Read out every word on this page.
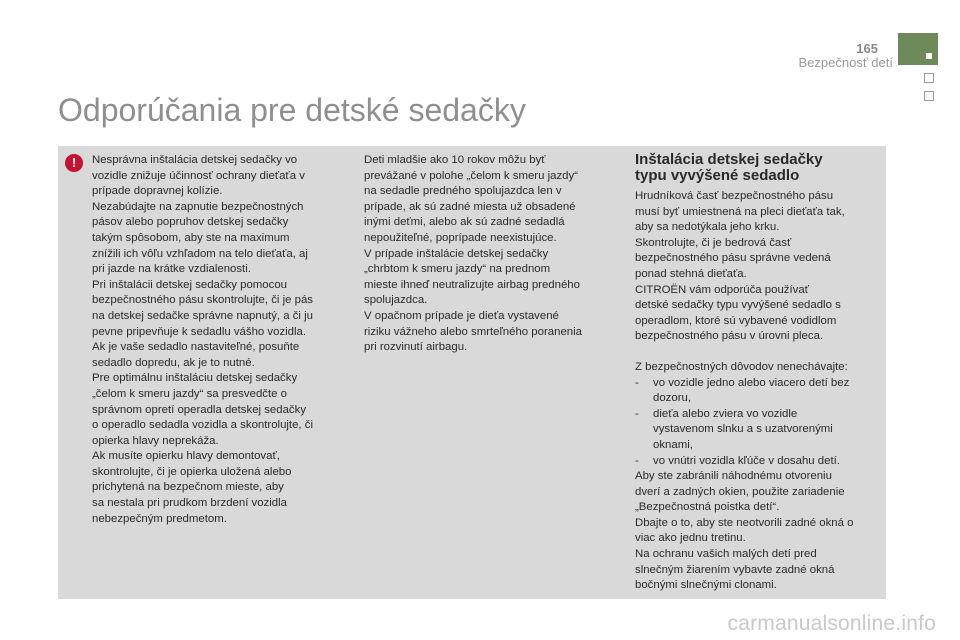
165
Bezpečnosť detí
Odporúčania pre detské sedačky
!	Nesprávna inštalácia detskej sedačky vo

vozidle znižuje účinnosť ochrany dieťaťa v

prípade dopravnej kolízie.

Nezabúdajte na zapnutie bezpečnostných

pásov alebo popruhov detskej sedačky

takým spôsobom, aby ste na maximum

znížili ich vôľu vzhľadom na telo dieťaťa, aj

pri jazde na krátke vzdialenosti.

Pri inštalácii detskej sedačky pomocou

bezpečnostného pásu skontrolujte, či je pás

na detskej sedačke správne napnutý, a či ju

pevne pripevňuje k sedadlu vášho vozidla.

Ak je vaše sedadlo nastaviteľné, posuňte

sedadlo dopredu, ak je to nutné.

Pre optimálnu inštaláciu detskej sedačky

„čelom k smeru jazdy“ sa presvedčte o

správnom opretí operadla detskej sedačky

o operadlo sedadla vozidla a skontrolujte, či

opierka hlavy neprekáža.

Ak musíte opierku hlavy demontovať,

skontrolujte, či je opierka uložená alebo

prichytená na bezpečnom mieste, aby

sa nestala pri prudkom brzdení vozidla

nebezpečným predmetom.

Deti mladšie ako 10 rokov môžu byť

prevážané v polohe „čelom k smeru jazdy“

na sedadle predného spolujazdca len v

prípade, ak sú zadné miesta už obsadené

inými deťmi, alebo ak sú zadné sedadlá

nepoužiteľné, poprípade neexistujúce.

V prípade inštalácie detskej sedačky

„chrbtom k smeru jazdy“ na prednom

mieste ihneď neutralizujte airbag predného

spolujazdca.

V opačnom prípade je dieťa vystavené

riziku vážneho alebo smrteľného poranenia

pri rozvinutí airbagu.

Inštalácia detskej sedačky
typu vyvýšené sedadlo

Hrudníková časť bezpečnostného pásu

musí byť umiestnená na pleci dieťaťa tak,

aby sa nedotýkala jeho krku.

Skontrolujte, či je bedrová časť

bezpečnostného pásu správne vedená

ponad stehná dieťaťa.

CITROËN vám odporúča používať

detské sedačky typu vyvýšené sedadlo s

operadlom, ktoré sú vybavené vodidlom

bezpečnostného pásu v úrovni pleca.

Z bezpečnostných dôvodov nenechávajte:

-	vo vozidle jedno alebo viacero detí bez

dozoru,

-	dieťa alebo zviera vo vozidle

vystavenom slnku a s uzatvorenými

oknami,

-	vo vnútri vozidla kľúče v dosahu detí.

Aby ste zabránili náhodnému otvoreniu

dverí a zadných okien, použite zariadenie

„Bezpečnostná poistka detí“.

Dbajte o to, aby ste neotvorili zadné okná o

viac ako jednu tretinu.

Na ochranu vašich malých detí pred

slnečným žiarením vybavte zadné okná

bočnými slnečnými clonami.

carmanualsonline.info
